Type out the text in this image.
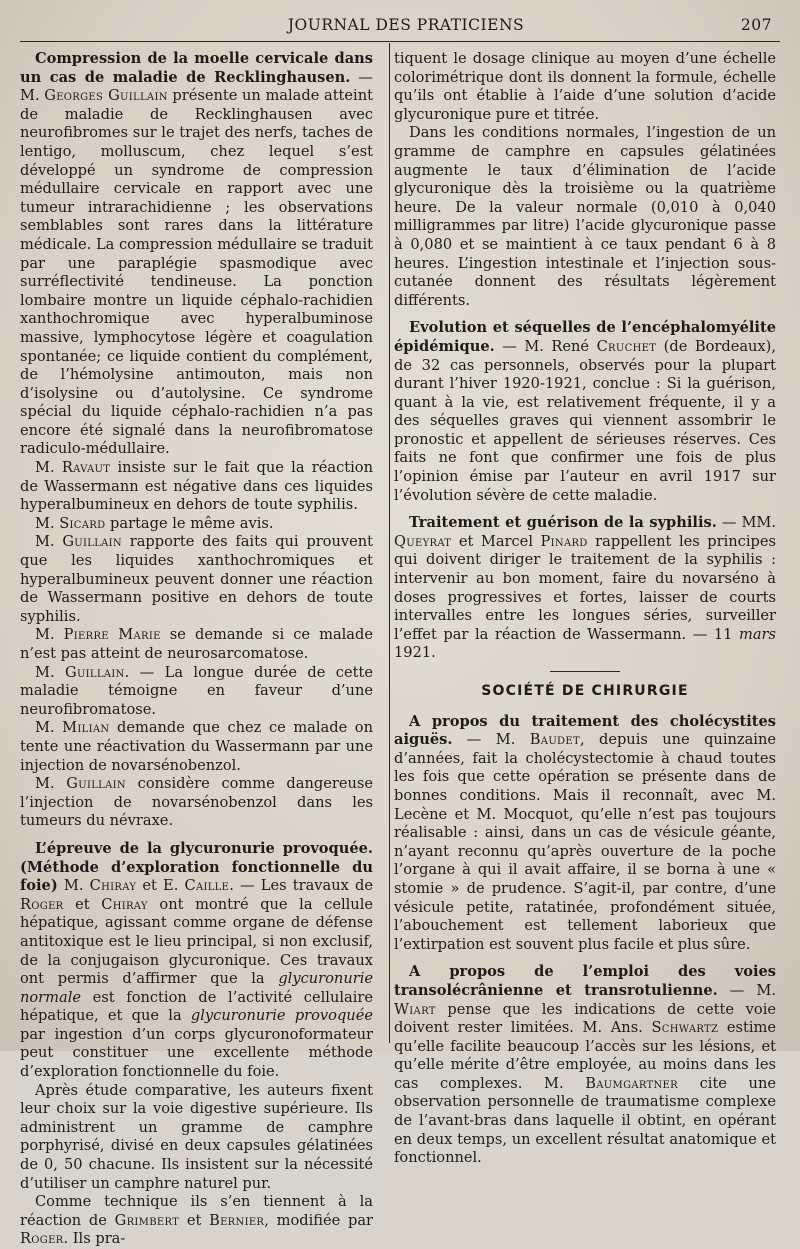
JOURNAL DES PRATICIENS	207

Compression de la moelle cervicale dans un cas de maladie de Recklinghausen. — M. Georges Guillain présente un malade atteint de maladie de Recklinghausen avec neurofibromes sur le trajet des nerfs, taches de lentigo, molluscum, chez lequel s’est développé un syndrome de compression médullaire cervicale en rapport avec une tumeur intrarachidienne ; les observations semblables sont rares dans la littérature médicale. La compression médullaire se traduit par une paraplégie spasmodique avec surréflectivité tendineuse. La ponction lombaire montre un liquide céphalo-rachidien xanthochromique avec hyperalbuminose massive, lymphocytose légère et coagulation spontanée; ce liquide contient du complément, de l’hémolysine antimouton, mais non d’isolysine ou d’autolysine. Ce syndrome spécial du liquide céphalo-rachidien n’a pas encore été signalé dans la neurofibromatose radiculo-médullaire.

M. Ravaut insiste sur le fait que la réaction de Wassermann est négative dans ces liquides hyperalbumineux en dehors de toute syphilis.

M. Sicard partage le même avis.

M. Guillain rapporte des faits qui prouvent que les liquides xanthochromiques et hyperalbumineux peuvent donner une réaction de Wassermann positive en dehors de toute syphilis.

M. Pierre Marie se demande si ce malade n’est pas atteint de neurosarcomatose.

M. Guillain. — La longue durée de cette maladie témoigne en faveur d’une neurofibromatose.

M. Milian demande que chez ce malade on tente une réactivation du Wassermann par une injection de novarsénobenzol.

M. Guillain considère comme dangereuse l’injection de novarsénobenzol dans les tumeurs du névraxe.

L’épreuve de la glycuronurie provoquée. (Méthode d’exploration fonctionnelle du foie) M. Chiray et E. Caille. — Les travaux de Roger et Chiray ont montré que la cellule hépatique, agissant comme organe de défense antitoxique est le lieu principal, si non exclusif, de la conjugaison glycuronique. Ces travaux ont permis d’affirmer que la glycuronurie normale est fonction de l’activité cellulaire hépatique, et que la glycuronurie provoquée par ingestion d’un corps glycuronoformateur peut constituer une excellente méthode d’exploration fonctionnelle du foie.

Après étude comparative, les auteurs fixent leur choix sur la voie digestive supérieure. Ils administrent un gramme de camphre porphyrisé, divisé en deux capsules gélatinées de 0, 50 chacune. Ils insistent sur la nécessité d’utiliser un camphre naturel pur.

Comme technique ils s’en tiennent à la réaction de Grimbert et Bernier, modifiée par Roger. Ils pra-

tiquent le dosage clinique au moyen d’une échelle colorimétrique dont ils donnent la formule, échelle qu’ils ont établie à l’aide d’une solution d’acide glycuronique pure et titrée.

Dans les conditions normales, l’ingestion de un gramme de camphre en capsules gélatinées augmente le taux d’élimination de l’acide glycuronique dès la troisième ou la quatrième heure. De la valeur normale (0,010 à 0,040 milligrammes par litre) l’acide glycuronique passe à 0,080 et se maintient à ce taux pendant 6 à 8 heures. L’ingestion intestinale et l’injection sous-cutanée donnent des résultats légèrement différents.

Evolution et séquelles de l’encéphalomyélite épidémique. — M. René Cruchet (de Bordeaux), de 32 cas personnels, observés pour la plupart durant l’hiver 1920-1921, conclue : Si la guérison, quant à la vie, est relativement fréquente, il y a des séquelles graves qui viennent assombrir le pronostic et appellent de sérieuses réserves. Ces faits ne font que confirmer une fois de plus l’opinion émise par l’auteur en avril 1917 sur l’évolution sévère de cette maladie.

Traitement et guérison de la syphilis. — MM. Queyrat et Marcel Pinard rappellent les principes qui doivent diriger le traitement de la syphilis : intervenir au bon moment, faire du novarséno à doses progressives et fortes, laisser de courts intervalles entre les longues séries, surveiller l’effet par la réaction de Wassermann. — 11 mars 1921.

SOCIÉTÉ DE CHIRURGIE

A propos du traitement des cholécystites aiguës. — M. Baudet, depuis une quinzaine d’années, fait la cholécystectomie à chaud toutes les fois que cette opération se présente dans de bonnes conditions. Mais il reconnaît, avec M. Lecène et M. Mocquot, qu’elle n’est pas toujours réalisable : ainsi, dans un cas de vésicule géante, n’ayant reconnu qu’après ouverture de la poche l’organe à qui il avait affaire, il se borna à une « stomie » de prudence. S’agit-il, par contre, d’une vésicule petite, ratatinée, profondément située, l’abouchement est tellement laborieux que l’extirpation est souvent plus facile et plus sûre.

A propos de l’emploi des voies transolécrânienne et transrotulienne. — M. Wiart pense que les indications de cette voie doivent rester limitées. M. Ans. Schwartz estime qu’elle facilite beaucoup l’accès sur les lésions, et qu’elle mérite d’être employée, au moins dans les cas complexes. M. Baumgartner cite une observation personnelle de traumatisme complexe de l’avant-bras dans laquelle il obtint, en opérant en deux temps, un excellent résultat anatomique et fonctionnel.
